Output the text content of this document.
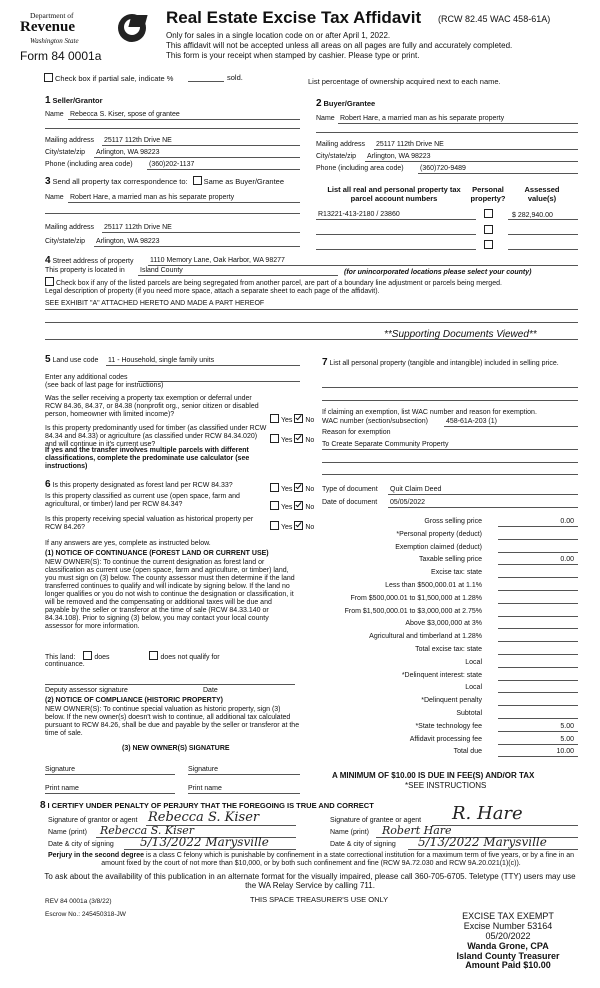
Department of
Revenue
Washington State
Form 84 0001a
Real Estate Excise Tax Affidavit (RCW 82.45 WAC 458-61A)
Only for sales in a single location code on or after April 1, 2022.
This affidavit will not be accepted unless all areas on all pages are fully and accurately completed.
This form is your receipt when stamped by cashier. Please type or print.
Check box if partial sale, indicate %	sold.	List percentage of ownership acquired next to each name.
1 Seller/Grantor
Name Rebecca S. Kiser, spose of grantee
Mailing address 25117 112th Drive NE
City/state/zip Arlington, WA 98223
Phone (including area code) (360)202-1137
2 Buyer/Grantee
Name Robert Hare, a married man as his separate property
Mailing address 25117 112th Drive NE
City/state/zip Arlington, WA 98223
Phone (including area code) (360)720-9489
3 Send all property tax correspondence to: Same as Buyer/Grantee
Name Robert Hare, a married man as his separate property
Mailing address 25117 112th Drive NE
City/state/zip Arlington, WA 98223
List all real and personal property tax parcel account numbers
Personal property?
Assessed value(s)
R13221-413-2180 / 23860	$ 282,940.00
4 Street address of property 1110 Memory Lane, Oak Harbor, WA 98277
This property is located in Island County	(for unincorporated locations please select your county)
Check box if any of the listed parcels are being segregated from another parcel, are part of a boundary line adjustment or parcels being merged.
Legal description of property (if you need more space, attach a separate sheet to each page of the affidavit).
SEE EXHIBIT "A" ATTACHED HERETO AND MADE A PART HEREOF
**Supporting Documents Viewed**
5 Land use code 11 - Household, single family units
Enter any additional codes
(see back of last page for instructions)
Was the seller receiving a property tax exemption or deferral under RCW 84.36, 84.37, or 84.38 (nonprofit org., senior citizen or disabled person, homeowner with limited income)?
Yes No
Is this property predominantly used for timber (as classified under RCW 84.34 and 84.33) or agriculture (as classified under RCW 84.34.020) and will continue in it's current use?
If yes and the transfer involves multiple parcels with different classifications, complete the predominate use calculator (see instructions)
Yes No
6 Is this property designated as forest land per RCW 84.33?
Yes No
Is this property classified as current use (open space, farm and agricultural, or timber) land per RCW 84.34?	Yes No
Is this property receiving special valuation as historical property per RCW 84.26?	Yes No
If any answers are yes, complete as instructed below.
(1) NOTICE OF CONTINUANCE (FOREST LAND OR CURRENT USE)
NEW OWNER(S): To continue the current designation as forest land or classification as current use (open space, farm and agriculture, or timber) land, you must sign on (3) below. The county assessor must then determine if the land transferred continues to qualify and will indicate by signing below. If the land no longer qualifies or you do not wish to continue the designation or classification, it will be removed and the compensating or additional taxes will be due and payable by the seller or transferor at the time of sale (RCW 84.33.140 or 84.34.108). Prior to signing (3) below, you may contact your local county assessor for more information.
This land:	does	does not qualify for
continuance.
Deputy assessor signature	Date
(2) NOTICE OF COMPLIANCE (HISTORIC PROPERTY)
NEW OWNER(S): To continue special valuation as historic property, sign (3) below. If the new owner(s) doesn't wish to continue, all additional tax calculated pursuant to RCW 84.26, shall be due and payable by the seller or transferor at the time of sale.
(3) NEW OWNER(S) SIGNATURE
Signature	Signature
Print name	Print name
7 List all personal property (tangible and intangible) included in selling price.
If claiming an exemption, list WAC number and reason for exemption.
WAC number (section/subsection)	458-61A-203 (1)
Reason for exemption
To Create Separate Community Property
Type of document Quit Claim Deed
Date of document 05/05/2022
Gross selling price	0.00
*Personal property (deduct)
Exemption claimed (deduct)
Taxable selling price	0.00
Excise tax: state
Less than $500,000.01 at 1.1%
From $500,000.01 to $1,500,000 at 1.28%
From $1,500,000.01 to $3,000,000 at 2.75%
Above $3,000,000 at 3%
Agricultural and timberland at 1.28%
Total excise tax: state
Local
*Delinquent interest: state
Local
*Delinquent penalty
Subtotal
*State technology fee	5.00
Affidavit processing fee	5.00
Total due	10.00
A MINIMUM OF $10.00 IS DUE IN FEE(S) AND/OR TAX
*SEE INSTRUCTIONS
8 I CERTIFY UNDER PENALTY OF PERJURY THAT THE FOREGOING IS TRUE AND CORRECT
Signature of grantor or agent Rebecca S. Kiser
Name (print) Rebecca S. Kiser
Date & city of signing 5/13/2022 Marysville
Signature of grantee or agent R. Hare
Name (print) Robert Hare
Date & city of signing 5/13/2022 Marysville
Perjury in the second degree is a class C felony which is punishable by confinement in a state correctional institution for a maximum term of five years, or by a fine in an amount fixed by the court of not more than $10,000, or by both such confinement and fine (RCW 9A.72.030 and RCW 9A.20.021(1)(c)).
To ask about the availability of this publication in an alternate format for the visually impaired, please call 360-705-6705. Teletype (TTY) users may use the WA Relay Service by calling 711.
REV 84 0001a (3/8/22)	THIS SPACE TREASURER'S USE ONLY
Escrow No.: 245450318-JW	EXCISE TAX EXEMPT
Excise Number 53164
05/20/2022
Wanda Grone, CPA
Island County Treasurer
Amount Paid $10.00
